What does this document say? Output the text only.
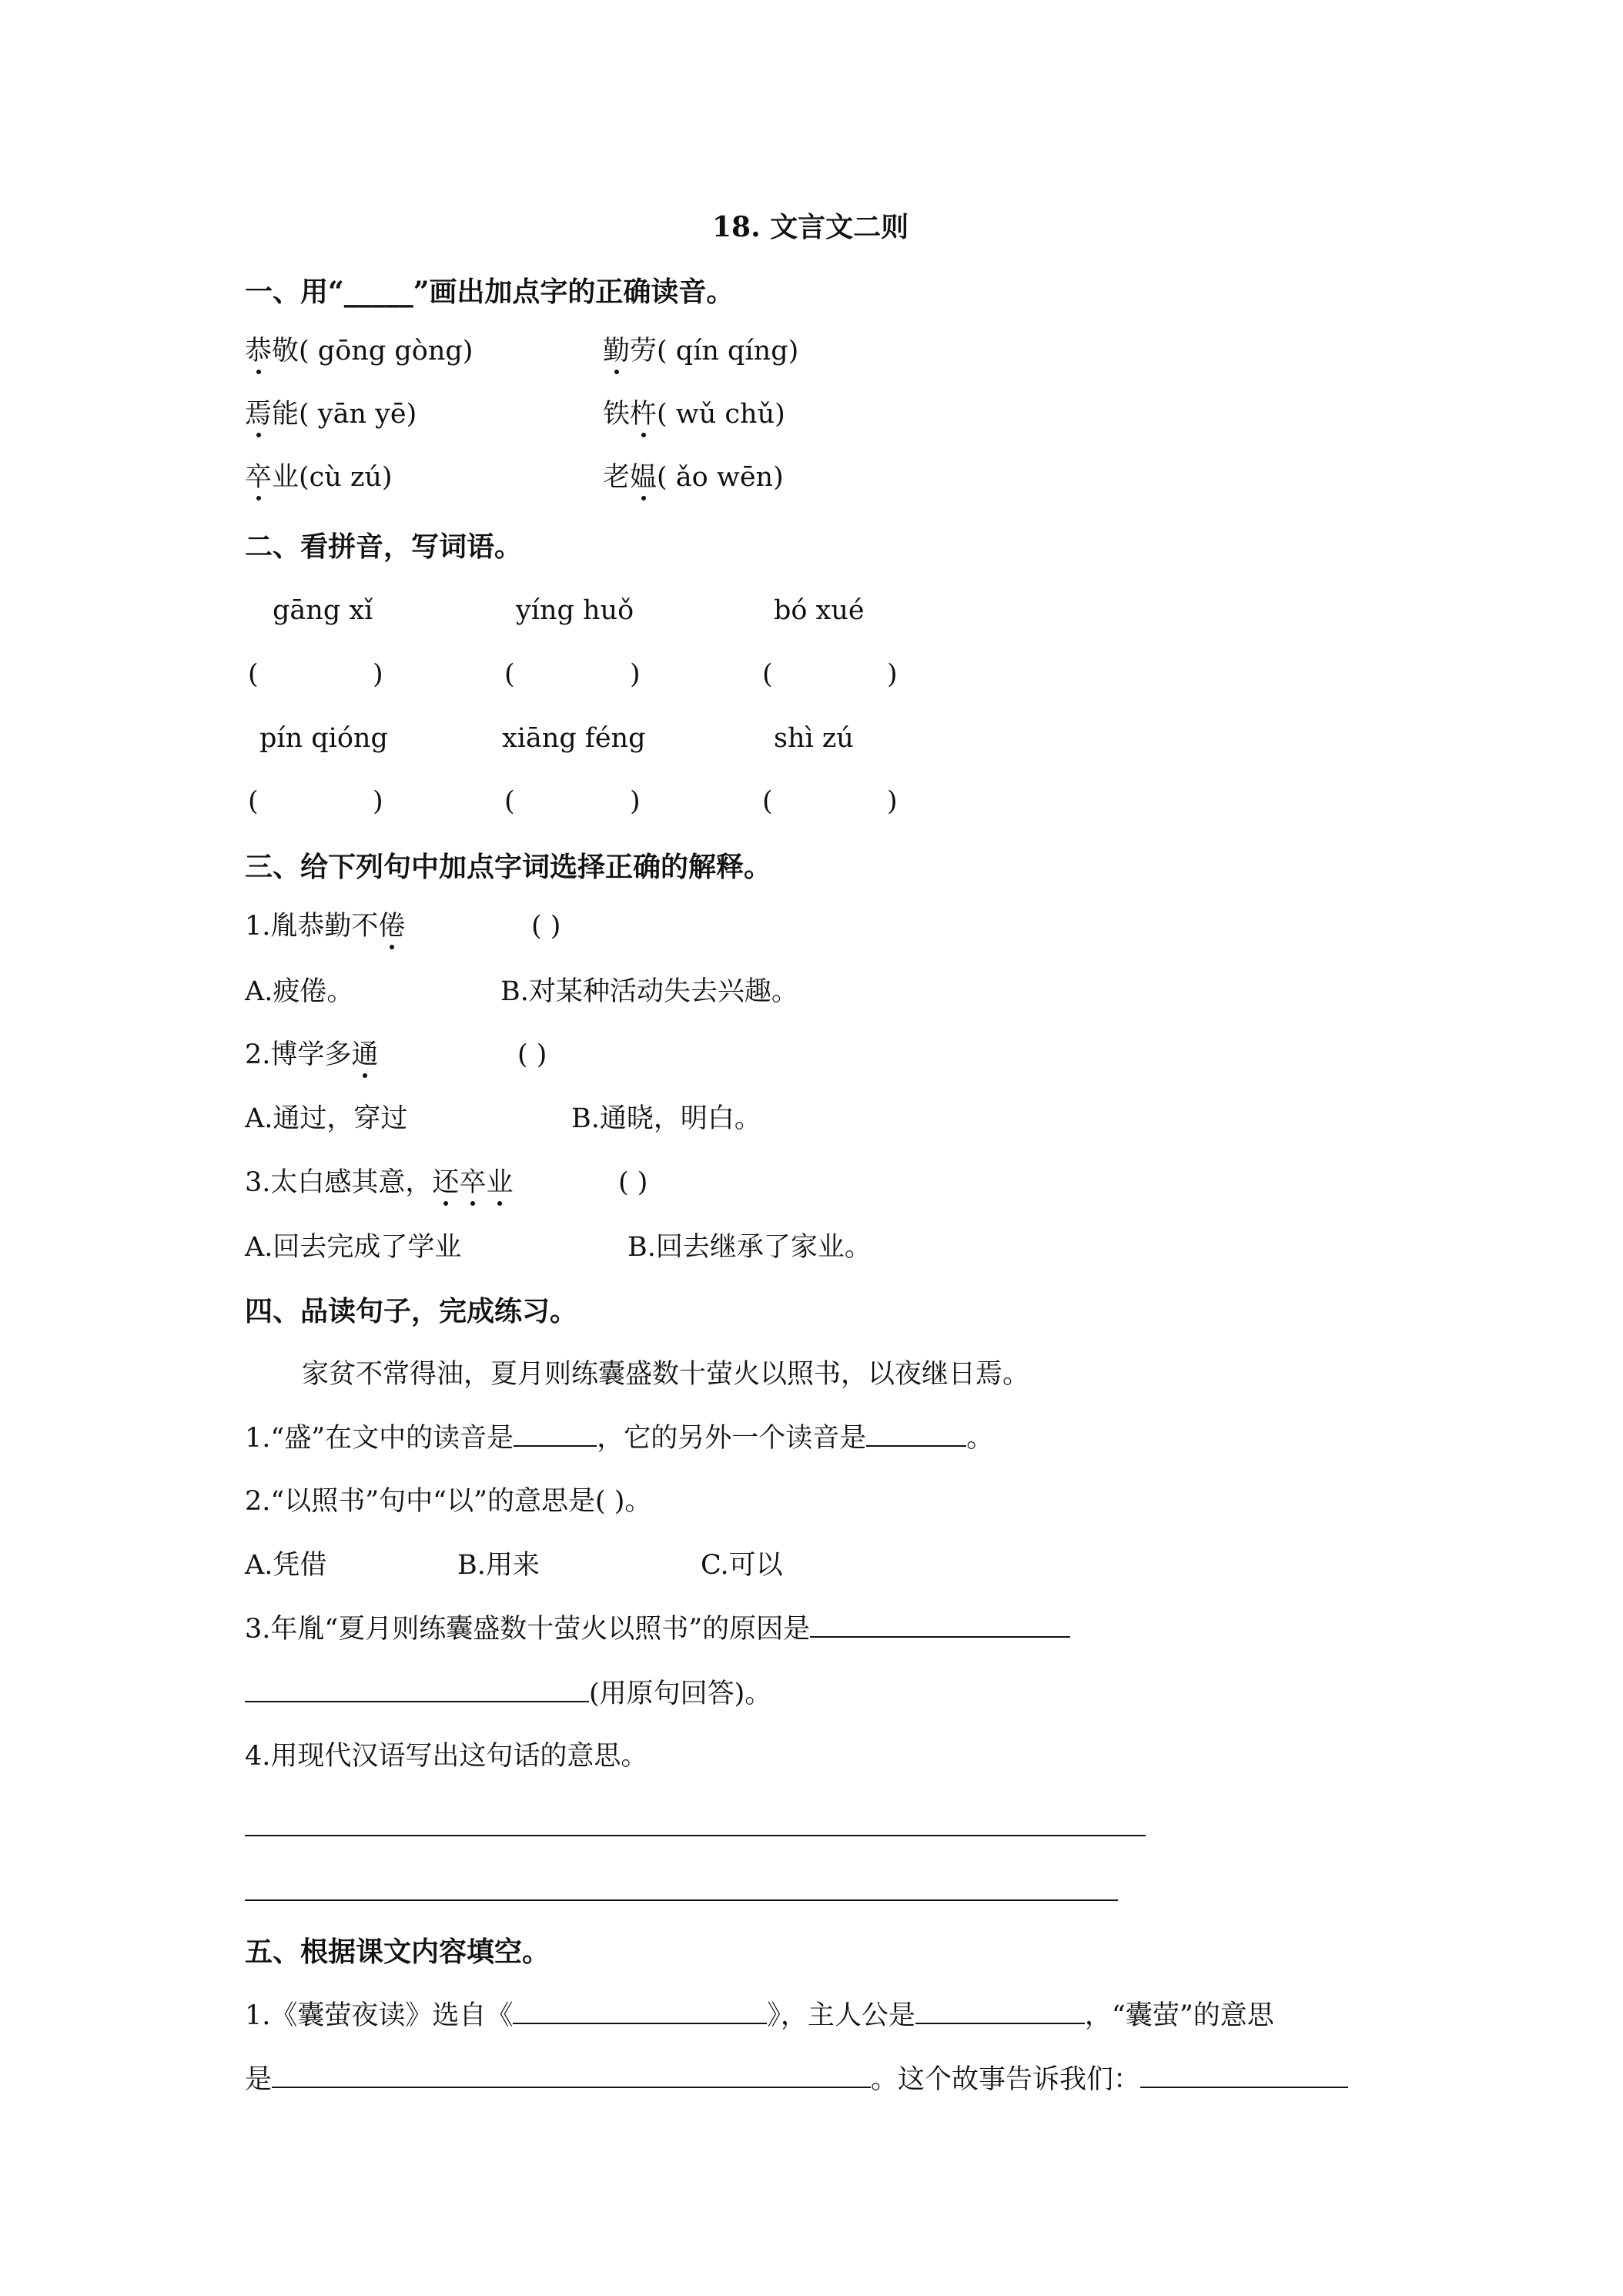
18. 文言文二则
一、用“_____”画出加点字的正确读音。
恭敬( gōng gòng)	勤劳( qín qíng)
焉能( yān yē)	铁杵( wǔ chǔ)
卒业(cù zú)	老媪( ǎo wēn)
二、看拼音，写词语。
gāng xǐ	yíng huǒ	bó xué
(	)	(	)	(	)
pín qióng	xiāng féng	shì zú
(	)	(	)	(	)
三、给下列句中加点字词选择正确的解释。
1.胤恭勤不倦	( )
A.疲倦。	B.对某种活动失去兴趣。
2.博学多通	( )
A.通过，穿过	B.通晓，明白。
3.太白感其意，还卒业	( )
A.回去完成了学业	B.回去继承了家业。
四、品读句子，完成练习。
家贫不常得油，夏月则练囊盛数十萤火以照书，以夜继日焉。
1.“盛”在文中的读音是	，它的另外一个读音是	。
2.“以照书”句中“以”的意思是( )。
A.凭借	B.用来	C.可以
3.年胤“夏月则练囊盛数十萤火以照书”的原因是
(用原句回答)。
4.用现代汉语写出这句话的意思。
五、根据课文内容填空。
1.《囊萤夜读》选自《	》，主人公是	，“囊萤”的意思
是	。这个故事告诉我们：
